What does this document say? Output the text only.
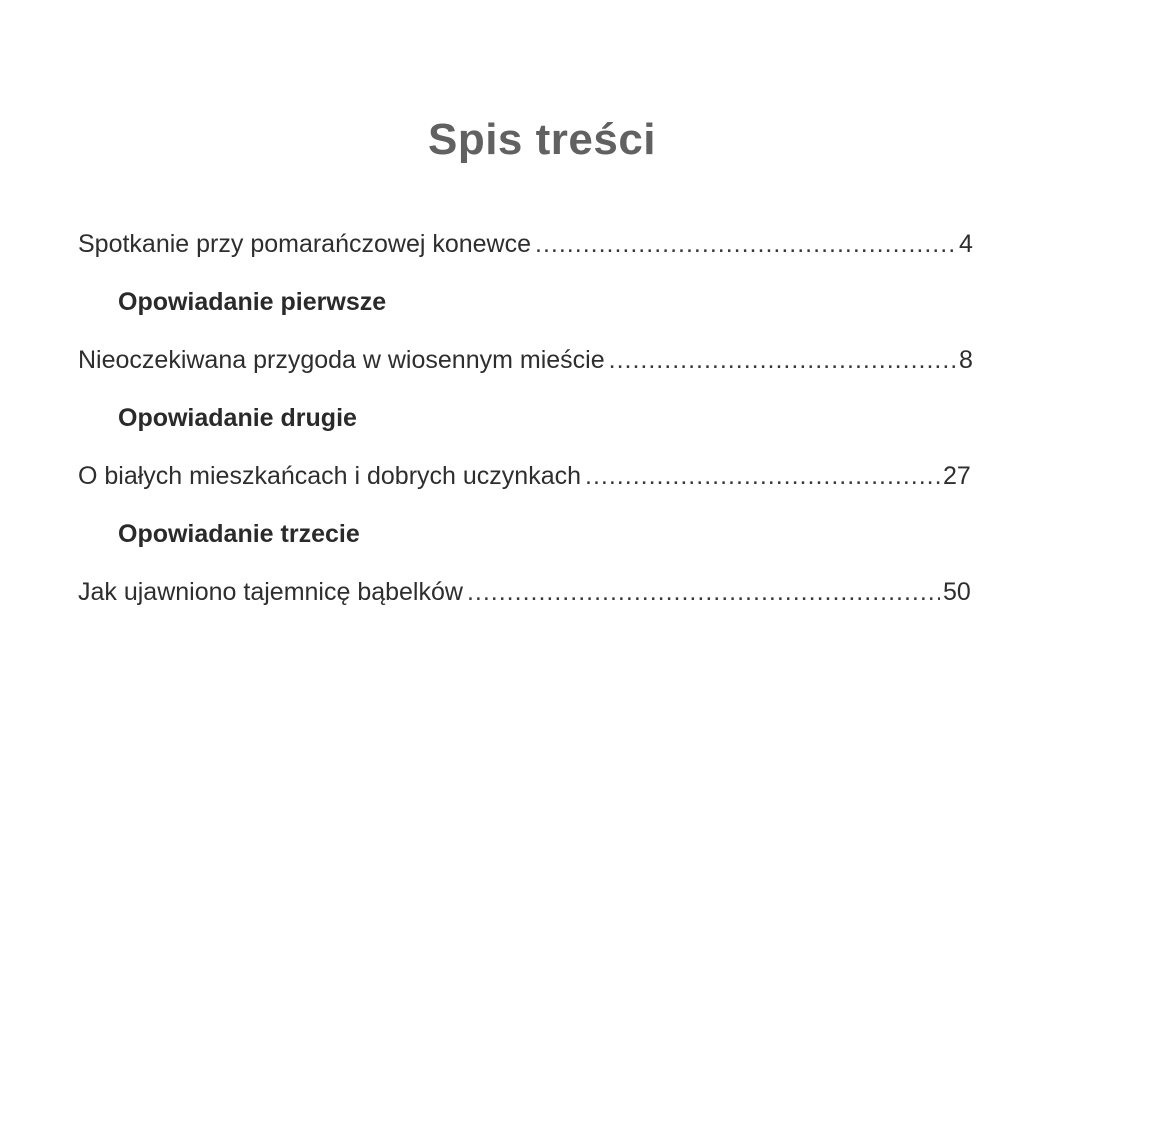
Spis treści
Spotkanie przy pomarańczowej konewce .....	4
Opowiadanie pierwsze
Nieoczekiwana przygoda w wiosennym mieście .....	8
Opowiadanie drugie
O białych mieszkańcach i dobrych uczynkach .....	27
Opowiadanie trzecie
Jak ujawniono tajemnicę bąbelków .....	50
